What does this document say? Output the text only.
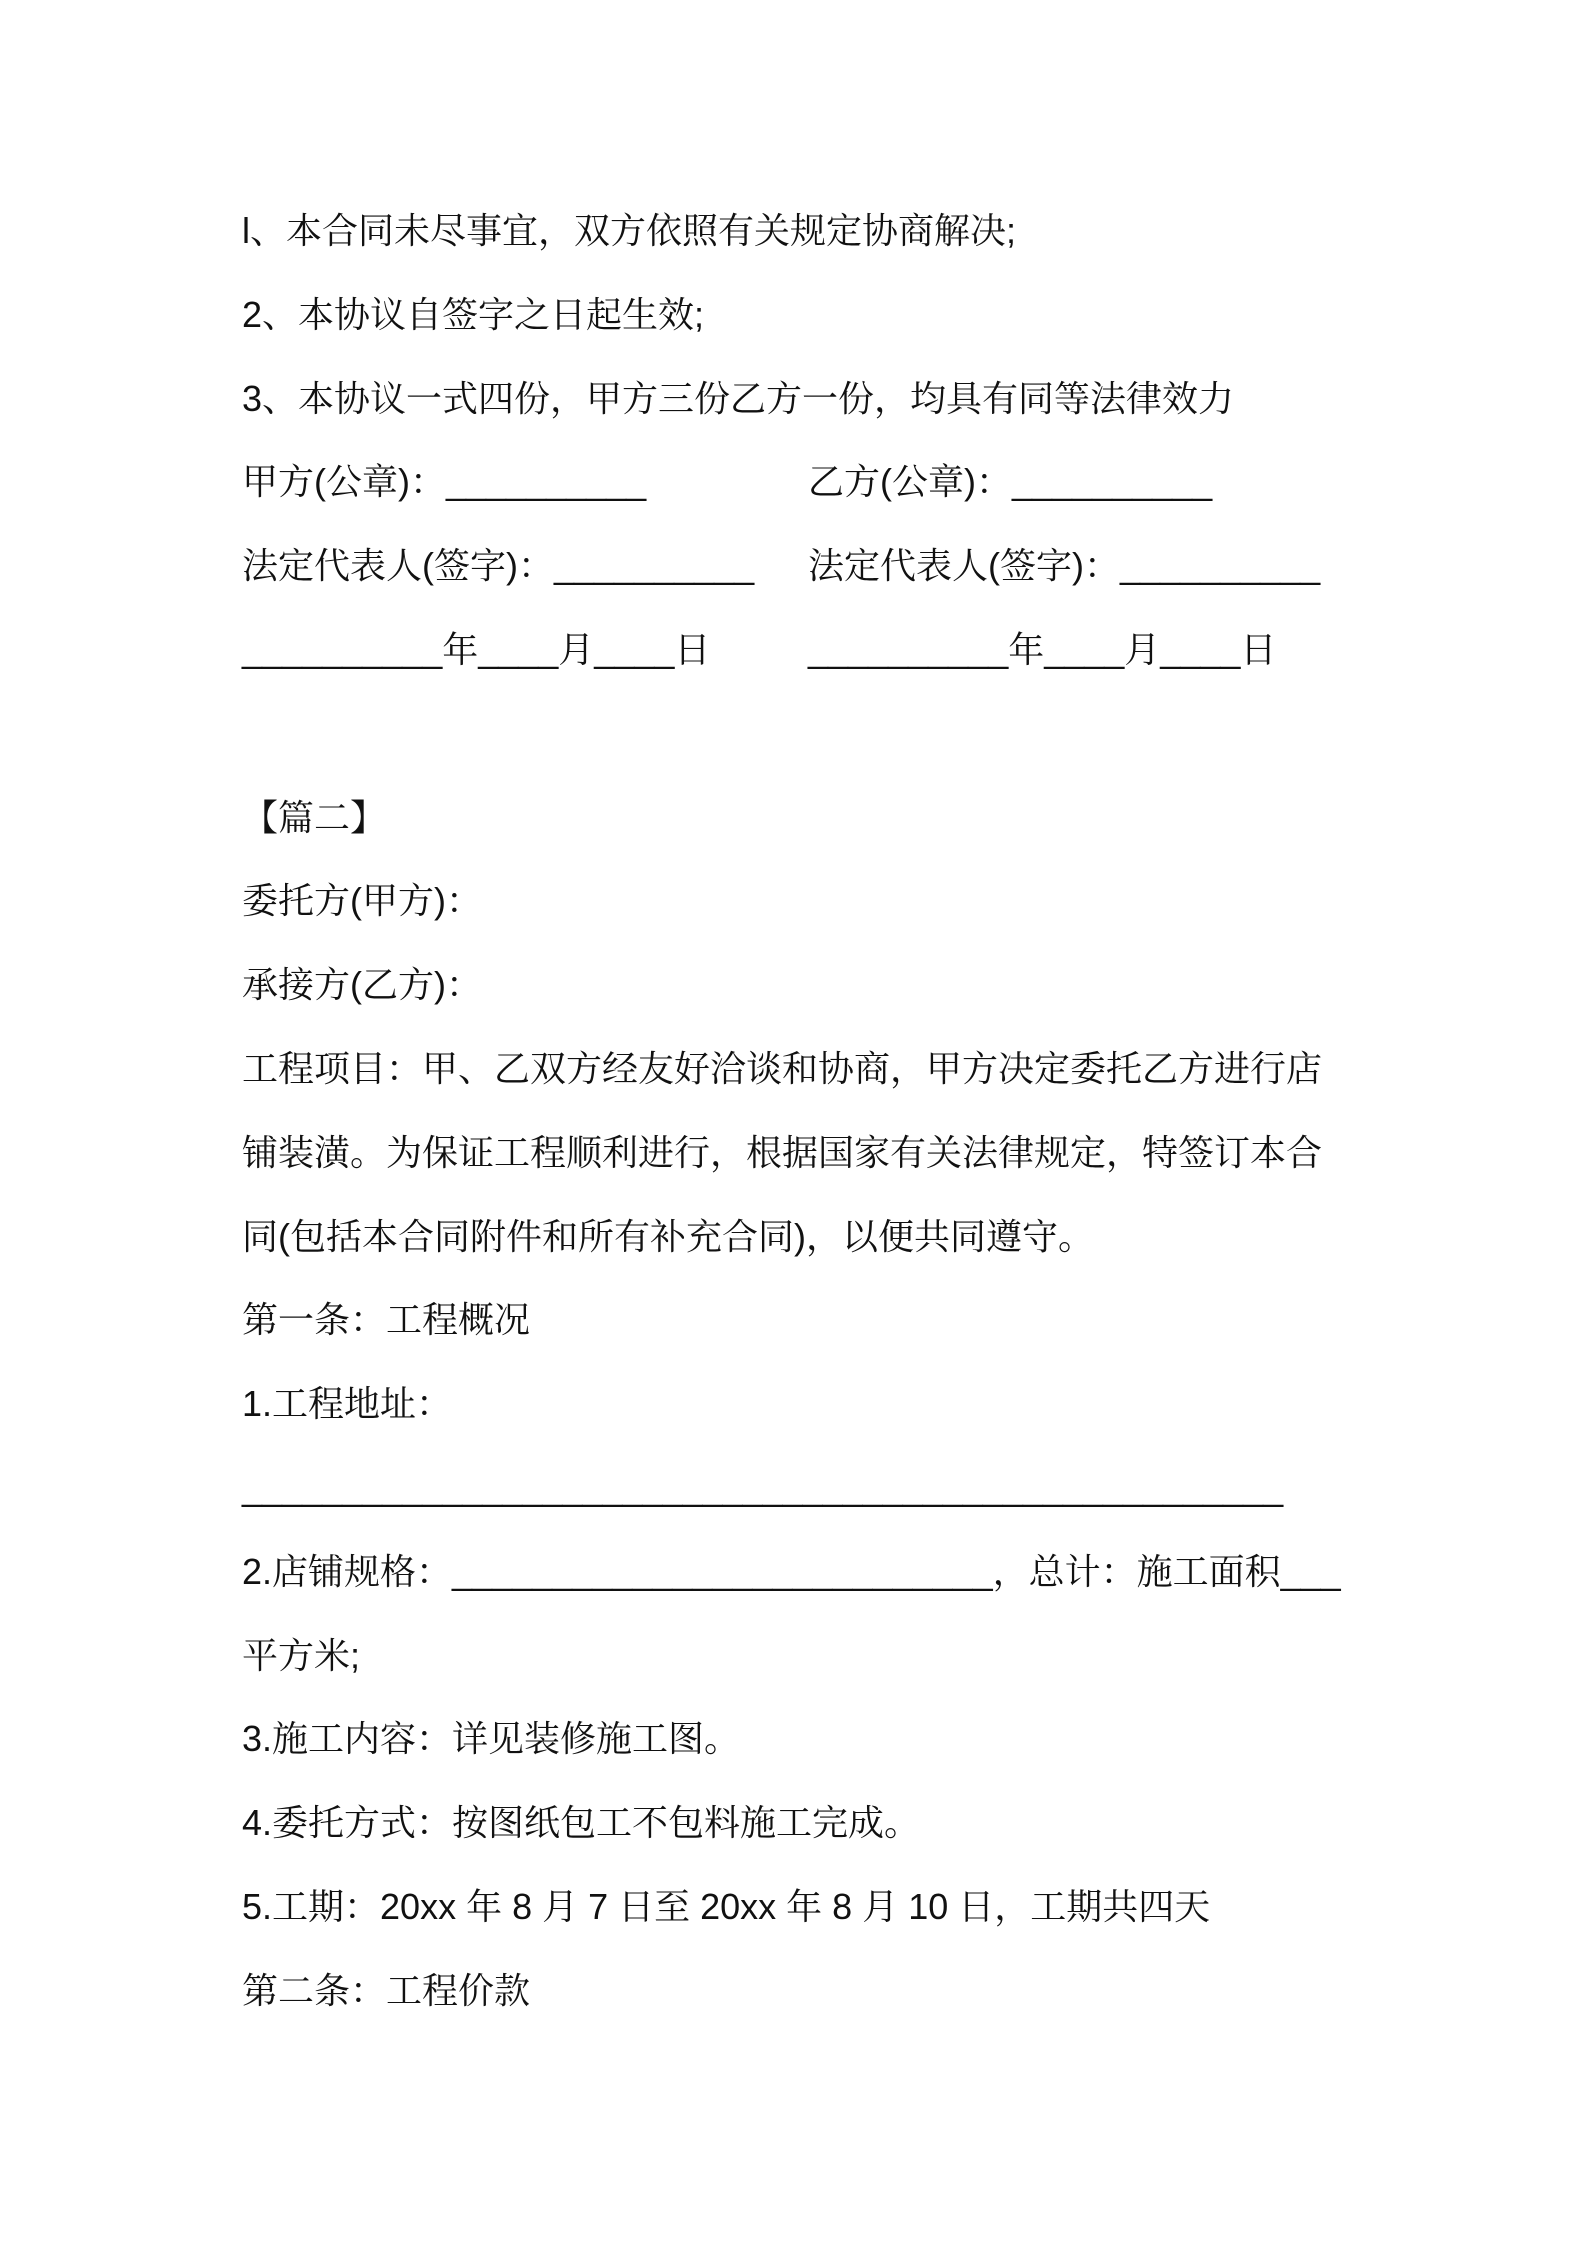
l、本合同未尽事宜，双方依照有关规定协商解决;
2、本协议自签字之日起生效;
3、本协议一式四份，甲方三份乙方一份，均具有同等法律效力
甲方(公章)：__________	乙方(公章)：__________
法定代表人(签字)：__________	法定代表人(签字)：__________
__________年____月____日	__________年____月____日
【篇二】
委托方(甲方)：
承接方(乙方)：
工程项目：甲、乙双方经友好洽谈和协商，甲方决定委托乙方进行店
铺装潢。为保证工程顺利进行，根据国家有关法律规定，特签订本合
同(包括本合同附件和所有补充合同)，以便共同遵守。
第一条：工程概况
1.工程地址：
____________________________________________________
2.店铺规格：___________________________，总计：施工面积___
平方米;
3.施工内容：详见装修施工图。
4.委托方式：按图纸包工不包料施工完成。
5.工期：20xx 年 8 月 7 日至 20xx 年 8 月 10 日，工期共四天
第二条：工程价款
